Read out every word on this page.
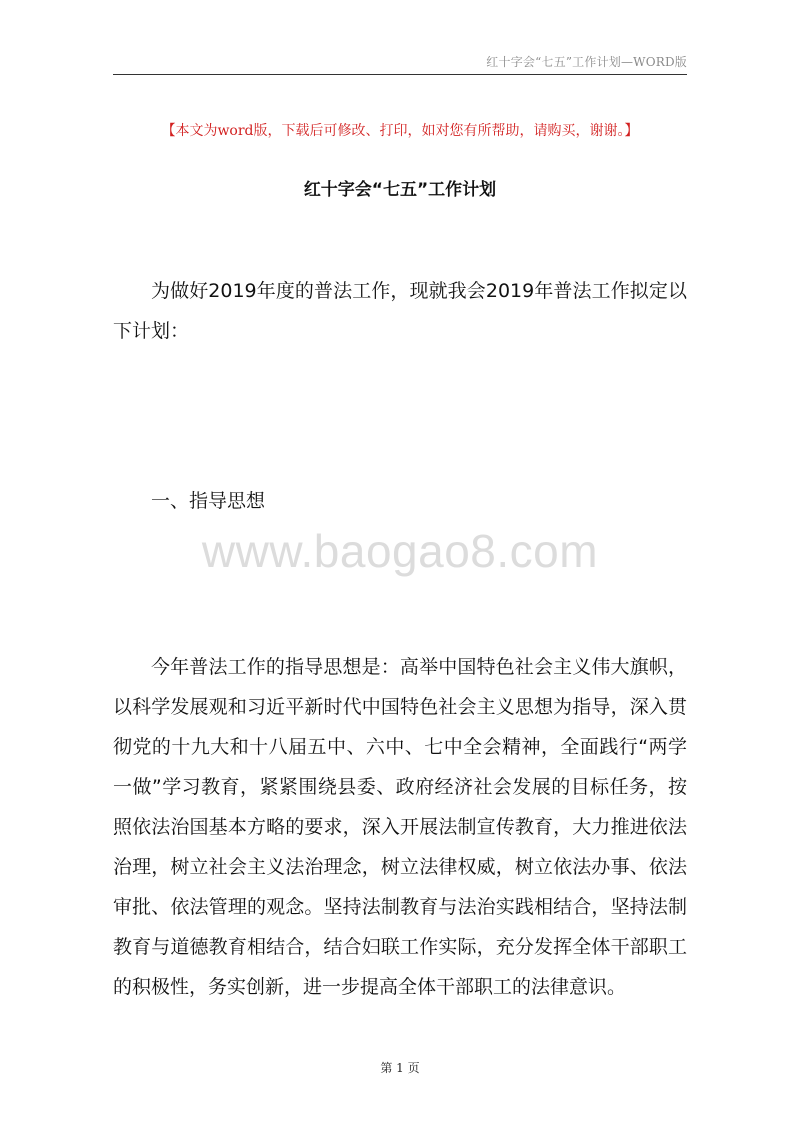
红十字会“七五”工作计划—WORD版
【本文为word版，下载后可修改、打印，如对您有所帮助，请购买，谢谢。】
红十字会“七五”工作计划
为做好2019年度的普法工作，现就我会2019年普法工作拟定以下计划：
一、指导思想
www.baogao8.com
今年普法工作的指导思想是：高举中国特色社会主义伟大旗帜，以科学发展观和习近平新时代中国特色社会主义思想为指导，深入贯彻党的十九大和十八届五中、六中、七中全会精神，全面践行“两学一做”学习教育，紧紧围绕县委、政府经济社会发展的目标任务，按照依法治国基本方略的要求，深入开展法制宣传教育，大力推进依法治理，树立社会主义法治理念，树立法律权威，树立依法办事、依法审批、依法管理的观念。坚持法制教育与法治实践相结合，坚持法制教育与道德教育相结合，结合妇联工作实际，充分发挥全体干部职工的积极性，务实创新，进一步提高全体干部职工的法律意识。
第 1 页
